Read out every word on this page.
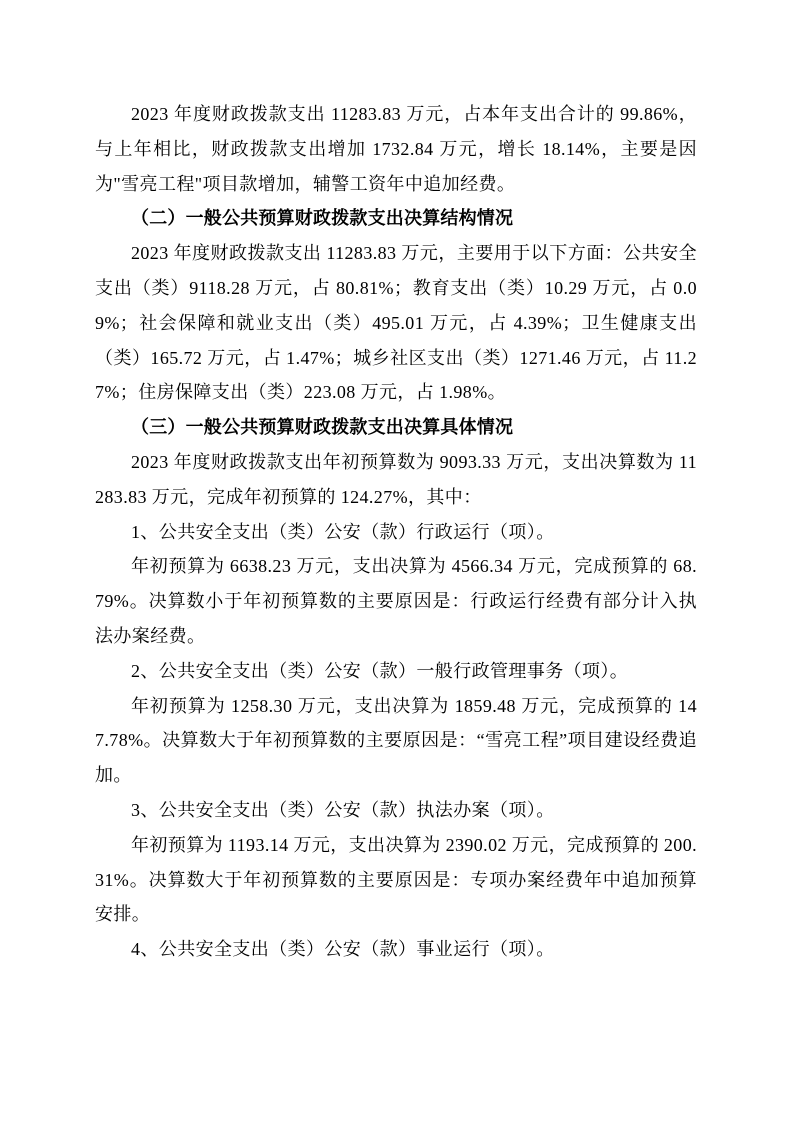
2023 年度财政拨款支出 11283.83 万元，占本年支出合计的 99.86%，与上年相比，财政拨款支出增加 1732.84 万元，增长 18.14%，主要是因为"雪亮工程"项目款增加，辅警工资年中追加经费。

（二）一般公共预算财政拨款支出决算结构情况

2023 年度财政拨款支出 11283.83 万元，主要用于以下方面：公共安全支出（类）9118.28 万元，占 80.81%；教育支出（类）10.29 万元，占 0.09%；社会保障和就业支出（类）495.01 万元，占 4.39%；卫生健康支出（类）165.72 万元，占 1.47%；城乡社区支出（类）1271.46 万元，占 11.27%；住房保障支出（类）223.08 万元，占 1.98%。

（三）一般公共预算财政拨款支出决算具体情况

2023 年度财政拨款支出年初预算数为 9093.33 万元，支出决算数为 11283.83 万元，完成年初预算的 124.27%，其中：

1、公共安全支出（类）公安（款）行政运行（项）。

年初预算为 6638.23 万元，支出决算为 4566.34 万元，完成预算的 68.79%。决算数小于年初预算数的主要原因是：行政运行经费有部分计入执法办案经费。

2、公共安全支出（类）公安（款）一般行政管理事务（项）。

年初预算为 1258.30 万元，支出决算为 1859.48 万元，完成预算的 147.78%。决算数大于年初预算数的主要原因是：“雪亮工程”项目建设经费追加。

3、公共安全支出（类）公安（款）执法办案（项）。

年初预算为 1193.14 万元，支出决算为 2390.02 万元，完成预算的 200.31%。决算数大于年初预算数的主要原因是：专项办案经费年中追加预算安排。

4、公共安全支出（类）公安（款）事业运行（项）。
